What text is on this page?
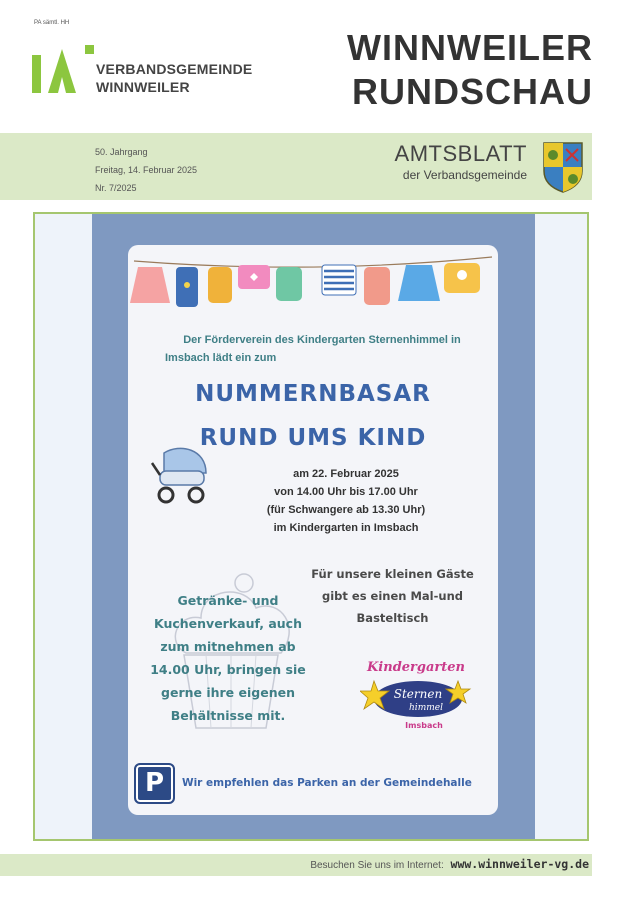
PA sämtl. HH
VERBANDSGEMEINDE
WINNWEILER
WINNWEILER
RUNDSCHAU
50. Jahrgang
Freitag, 14. Februar 2025
Nr. 7/2025
AMTSBLATT
der Verbandsgemeinde
Der Förderverein des Kindergarten Sternenhimmel in
Imsbach lädt ein zum
NUMMERNBASAR
RUND UMS KIND
am 22. Februar 2025
von 14.00 Uhr bis 17.00 Uhr
(für Schwangere ab 13.30 Uhr)
im Kindergarten in Imsbach
Für unsere kleinen Gäste
gibt es einen Mal-und
Basteltisch
Getränke- und
Kuchenverkauf, auch
zum mitnehmen ab
14.00 Uhr, bringen sie
gerne ihre eigenen
Behältnisse mit.
Kindergarten
Sternen
himmel
Imsbach
P	Wir empfehlen das Parken an der Gemeindehalle
Besuchen Sie uns im Internet: www.winnweiler-vg.de
